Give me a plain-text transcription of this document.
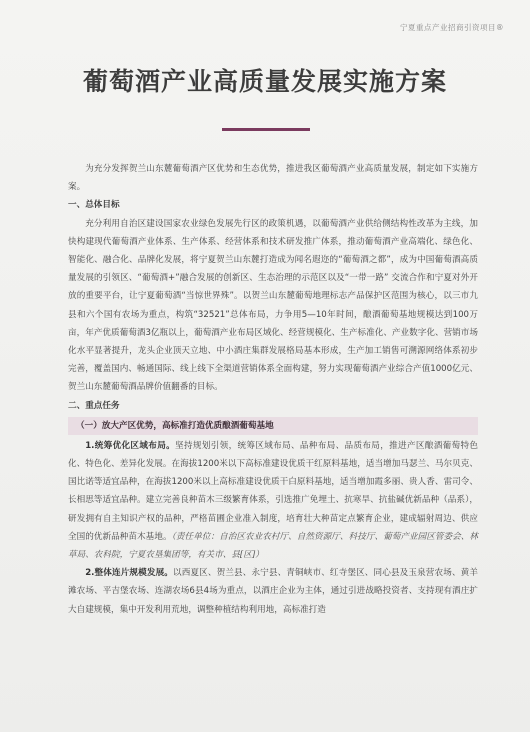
宁夏重点产业招商引资项目®
葡萄酒产业高质量发展实施方案

为充分发挥贺兰山东麓葡萄酒产区优势和生态优势，推进我区葡萄酒产业高质量发展，制定如下实施方案。

一、总体目标

充分利用自治区建设国家农业绿色发展先行区的政策机遇，以葡萄酒产业供给侧结构性改革为主线，加快构建现代葡萄酒产业体系、生产体系、经营体系和技术研发推广体系，推动葡萄酒产业高端化、绿色化、智能化、融合化、品牌化发展，将宁夏贺兰山东麓打造成为闻名遐迩的“葡萄酒之都”，成为中国葡萄酒高质量发展的引领区、“葡萄酒+”融合发展的创新区、生态治理的示范区以及“一带一路” 交流合作和宁夏对外开放的重要平台，让宁夏葡萄酒“当惊世界殊”。以贺兰山东麓葡萄地理标志产品保护区范围为核心，以三市九县和六个国有农场为重点，构筑“32521”总体布局，力争用5—10年时间，酿酒葡萄基地规模达到100万亩，年产优质葡萄酒3亿瓶以上，葡萄酒产业布局区域化、经营规模化、生产标准化、产业数字化、营销市场化水平显著提升，龙头企业顶天立地、中小酒庄集群发展格局基本形成，生产加工销售可溯源网络体系初步完善，覆盖国内、畅通国际、线上线下全渠道营销体系全面构建，努力实现葡萄酒产业综合产值1000亿元、贺兰山东麓葡萄酒品牌价值翻番的目标。

二、重点任务
（一）放大产区优势，高标准打造优质酿酒葡萄基地

1.统筹优化区域布局。坚持规划引领，统筹区域布局、品种布局、品质布局，推进产区酿酒葡萄特色化、特色化、差异化发展。在海拔1200米以下高标准建设优质干红原料基地，适当增加马瑟兰、马尔贝克、国比诺等适宜品种，在海拔1200米以上高标准建设优质干白原料基地，适当增加霞多丽、贵人香、雷司令、长相思等适宜品种。建立完善良种苗木三级繁育体系，引选推广免埋土、抗寒旱、抗盐碱优新品种（品系），研发拥有自主知识产权的品种，严格苗圃企业准入制度，培育壮大种苗定点繁育企业，建成辐射周边、供应全国的优新品种苗木基地。（责任单位：自治区农业农村厅、自然资源厅、科技厅、葡萄产业园区管委会、林草局、农科院，宁夏农垦集团等，有关市、县[区]）

2.整体连片规模发展。以西夏区、贺兰县、永宁县、青铜峡市、红寺堡区、同心县及玉泉营农场、黄羊滩农场、平吉堡农场、连湖农场6县4场为重点，以酒庄企业为主体，通过引进战略投资者、支持现有酒庄扩大自建规模，集中开发利用荒地，调整种植结构利用地，高标准打造
